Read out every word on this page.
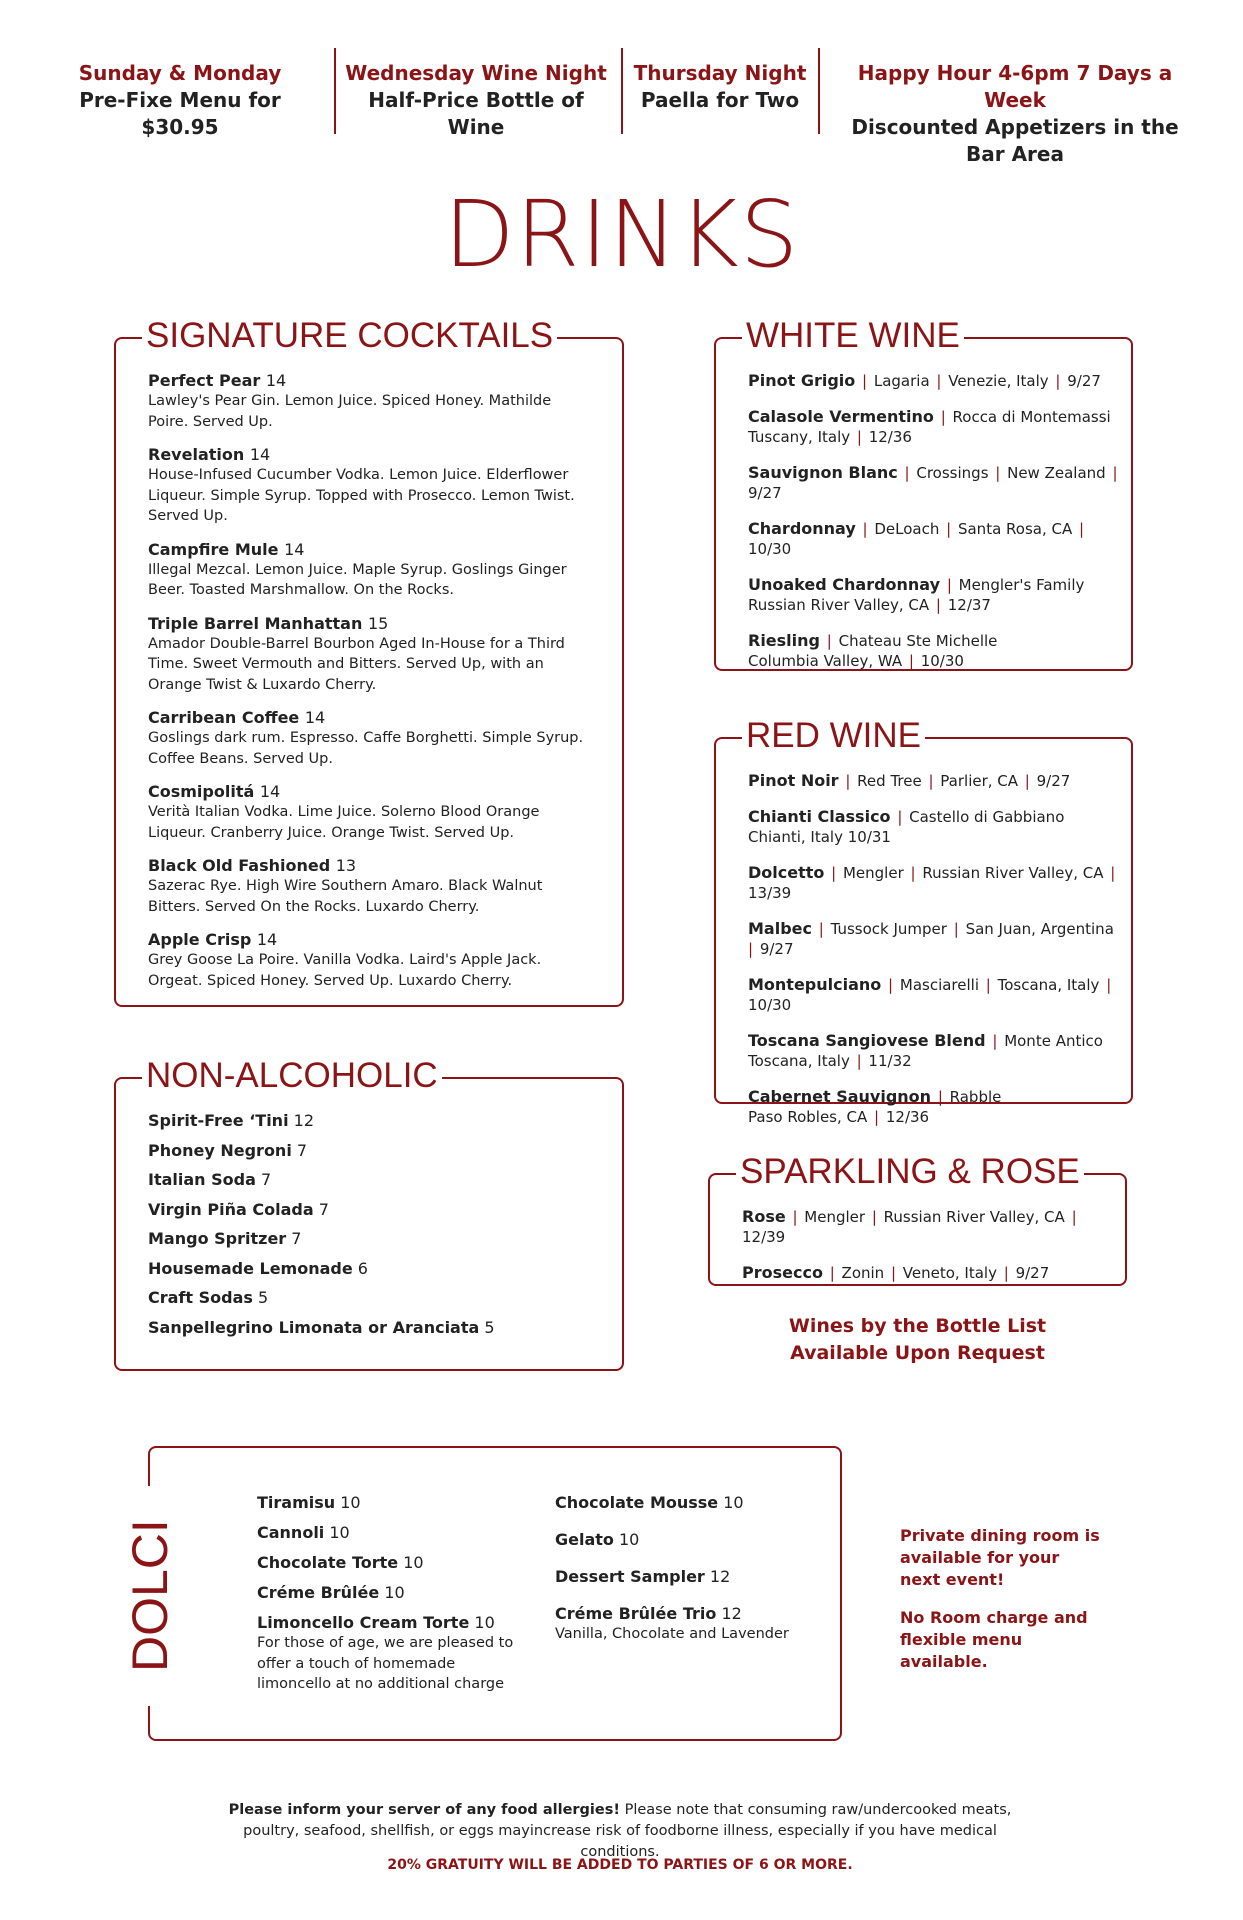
Sunday & Monday
Pre-Fixe Menu for $30.95
Wednesday Wine Night
Half-Price Bottle of Wine
Thursday Night
Paella for Two
Happy Hour 4-6pm 7 Days a Week
Discounted Appetizers in the Bar Area
DRINKS
SIGNATURE COCKTAILS
Perfect Pear 14
Lawley's Pear Gin. Lemon Juice. Spiced Honey. Mathilde Poire. Served Up.
Revelation 14
House-Infused Cucumber Vodka. Lemon Juice. Elderflower Liqueur. Simple Syrup. Topped with Prosecco. Lemon Twist. Served Up.
Campfire Mule 14
Illegal Mezcal. Lemon Juice. Maple Syrup. Goslings Ginger Beer. Toasted Marshmallow. On the Rocks.
Triple Barrel Manhattan 15
Amador Double-Barrel Bourbon Aged In-House for a Third Time. Sweet Vermouth and Bitters. Served Up, with an Orange Twist & Luxardo Cherry.
Carribean Coffee 14
Goslings dark rum. Espresso. Caffe Borghetti. Simple Syrup. Coffee Beans. Served Up.
Cosmipolitá 14
Verità Italian Vodka. Lime Juice. Solerno Blood Orange Liqueur. Cranberry Juice. Orange Twist. Served Up.
Black Old Fashioned 13
Sazerac Rye. High Wire Southern Amaro. Black Walnut Bitters. Served On the Rocks. Luxardo Cherry.
Apple Crisp 14
Grey Goose La Poire. Vanilla Vodka. Laird's Apple Jack. Orgeat. Spiced Honey. Served Up. Luxardo Cherry.
NON-ALCOHOLIC
Spirit-Free ‘Tini 12
Phoney Negroni 7
Italian Soda 7
Virgin Piña Colada 7
Mango Spritzer 7
Housemade Lemonade 6
Craft Sodas 5
Sanpellegrino Limonata or Aranciata 5
WHITE WINE
Pinot Grigio | Lagaria | Venezie, Italy | 9/27
Calasole Vermentino | Rocca di Montemassi
Tuscany, Italy | 12/36
Sauvignon Blanc | Crossings | New Zealand | 9/27
Chardonnay | DeLoach | Santa Rosa, CA | 10/30
Unoaked Chardonnay | Mengler's Family
Russian River Valley, CA | 12/37
Riesling | Chateau Ste Michelle
Columbia Valley, WA | 10/30
RED WINE
Pinot Noir | Red Tree | Parlier, CA | 9/27
Chianti Classico | Castello di Gabbiano
Chianti, Italy 10/31
Dolcetto | Mengler | Russian River Valley, CA | 13/39
Malbec | Tussock Jumper | San Juan, Argentina | 9/27
Montepulciano | Masciarelli | Toscana, Italy | 10/30
Toscana Sangiovese Blend | Monte Antico
Toscana, Italy | 11/32
Cabernet Sauvignon | Rabble
Paso Robles, CA | 12/36
SPARKLING & ROSE
Rose | Mengler | Russian River Valley, CA | 12/39
Prosecco | Zonin | Veneto, Italy | 9/27
Wines by the Bottle List
Available Upon Request
DOLCI
Tiramisu 10
Cannoli 10
Chocolate Torte 10
Créme Brûlée 10
Limoncello Cream Torte 10
For those of age, we are pleased to offer a touch of homemade limoncello at no additional charge
Chocolate Mousse 10
Gelato 10
Dessert Sampler 12
Créme Brûlée Trio 12
Vanilla, Chocolate and Lavender
Private dining room is available for your next event!
No Room charge and flexible menu available.
Please inform your server of any food allergies! Please note that consuming raw/undercooked meats, poultry, seafood, shellfish, or eggs mayincrease risk of foodborne illness, especially if you have medical conditions.
20% GRATUITY WILL BE ADDED TO PARTIES OF 6 OR MORE.
